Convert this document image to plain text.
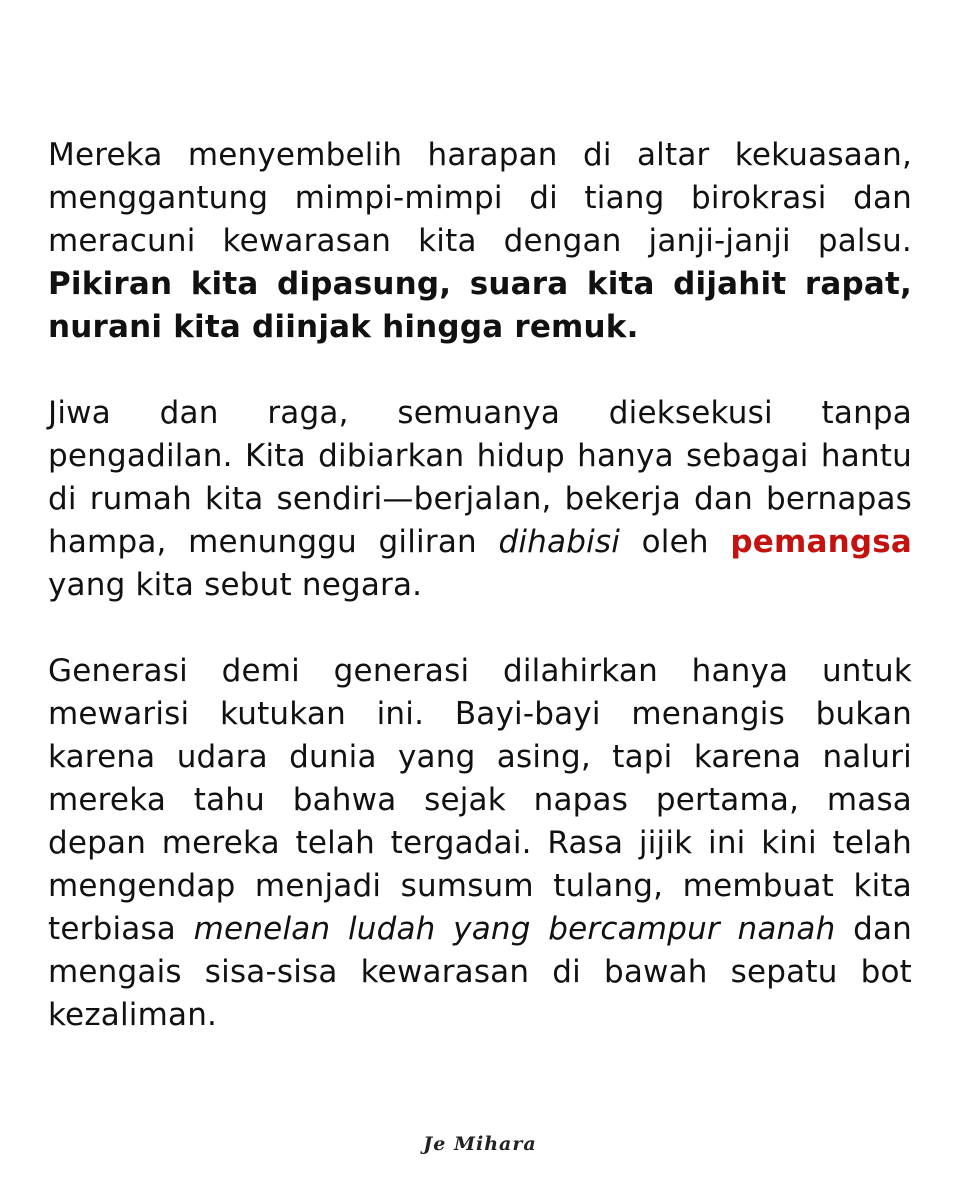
Mereka menyembelih harapan di altar kekuasaan, menggantung mimpi-mimpi di tiang birokrasi dan meracuni kewarasan kita dengan janji-janji palsu. Pikiran kita dipasung, suara kita dijahit rapat, nurani kita diinjak hingga remuk.

Jiwa dan raga, semuanya dieksekusi tanpa pengadilan. Kita dibiarkan hidup hanya sebagai hantu di rumah kita sendiri—berjalan, bekerja dan bernapas hampa, menunggu giliran dihabisi oleh pemangsa yang kita sebut negara.

Generasi demi generasi dilahirkan hanya untuk mewarisi kutukan ini. Bayi-bayi menangis bukan karena udara dunia yang asing, tapi karena naluri mereka tahu bahwa sejak napas pertama, masa depan mereka telah tergadai. Rasa jijik ini kini telah mengendap menjadi sumsum tulang, membuat kita terbiasa menelan ludah yang bercampur nanah dan mengais sisa-sisa kewarasan di bawah sepatu bot kezaliman.

Je Mihara
